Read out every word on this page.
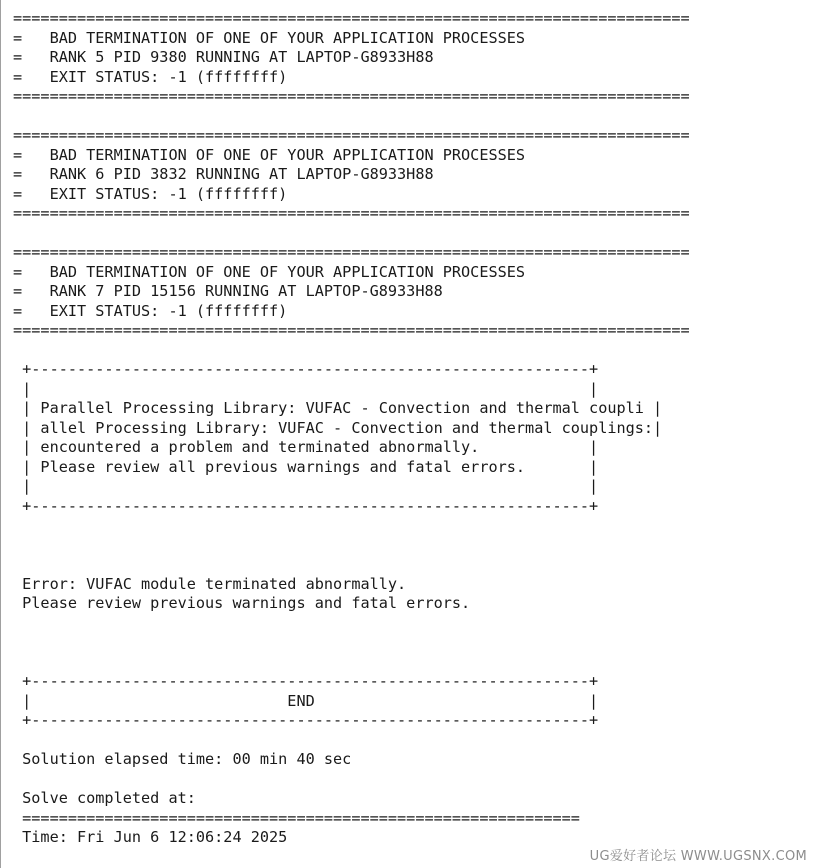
==========================================================================
=   BAD TERMINATION OF ONE OF YOUR APPLICATION PROCESSES
=   RANK 5 PID 9380 RUNNING AT LAPTOP-G8933H88
=   EXIT STATUS: -1 (ffffffff)
==========================================================================

==========================================================================
=   BAD TERMINATION OF ONE OF YOUR APPLICATION PROCESSES
=   RANK 6 PID 3832 RUNNING AT LAPTOP-G8933H88
=   EXIT STATUS: -1 (ffffffff)
==========================================================================

==========================================================================
=   BAD TERMINATION OF ONE OF YOUR APPLICATION PROCESSES
=   RANK 7 PID 15156 RUNNING AT LAPTOP-G8933H88
=   EXIT STATUS: -1 (ffffffff)
==========================================================================

+-------------------------------------------------------------+
|                                                             |
| Parallel Processing Library: VUFAC - Convection and thermal coupli |
| allel Processing Library: VUFAC - Convection and thermal couplings:|
| encountered a problem and terminated abnormally.            |
| Please review all previous warnings and fatal errors.       |
|                                                             |
+-------------------------------------------------------------+

Error: VUFAC module terminated abnormally.
Please review previous warnings and fatal errors.

+-------------------------------------------------------------+
|                            END                              |
+-------------------------------------------------------------+

Solution elapsed time: 00 min 40 sec

Solve completed at:
=============================================================
Time: Fri Jun 6 12:06:24 2025
UG爱好者论坛 WWW.UGSNX.COM
